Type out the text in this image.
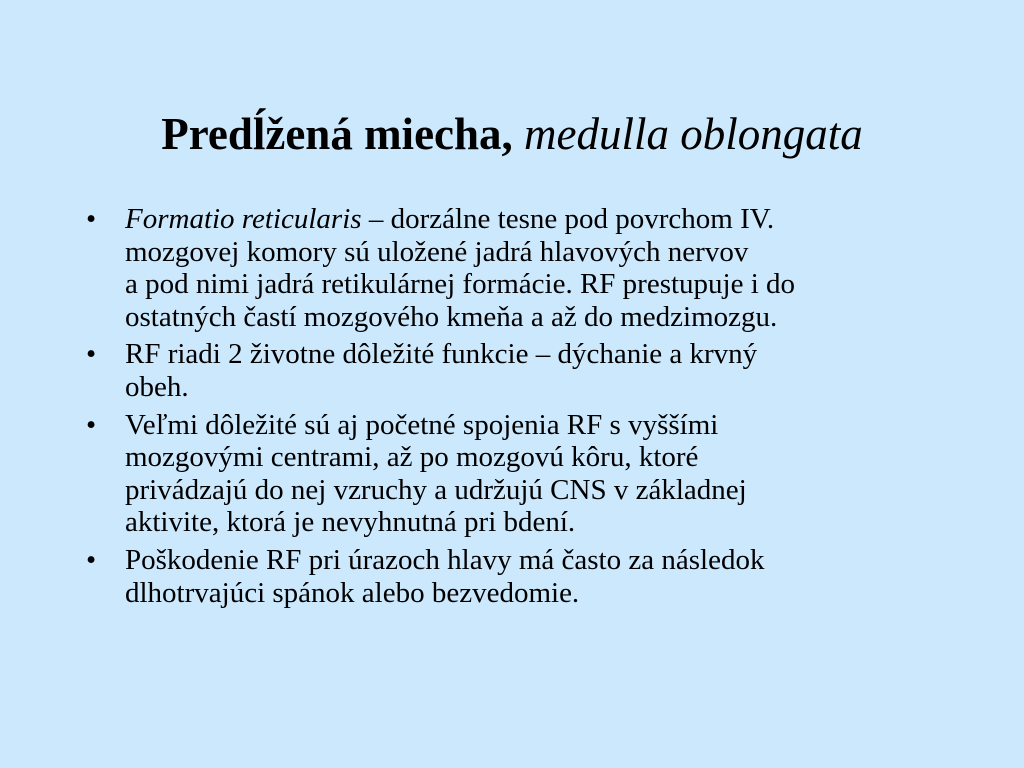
Predĺžená miecha, medulla oblongata
• Formatio reticularis – dorzálne tesne pod povrchom IV.
mozgovej komory sú uložené jadrá hlavových nervov
a pod nimi jadrá retikulárnej formácie. RF prestupuje i do
ostatných častí mozgového kmeňa a až do medzimozgu.
• RF riadi 2 životne dôležité funkcie – dýchanie a krvný
obeh.
• Veľmi dôležité sú aj početné spojenia RF s vyššími
mozgovými centrami, až po mozgovú kôru, ktoré
privádzajú do nej vzruchy a udržujú CNS v základnej
aktivite, ktorá je nevyhnutná pri bdení.
• Poškodenie RF pri úrazoch hlavy má často za následok
dlhotrvajúci spánok alebo bezvedomie.
